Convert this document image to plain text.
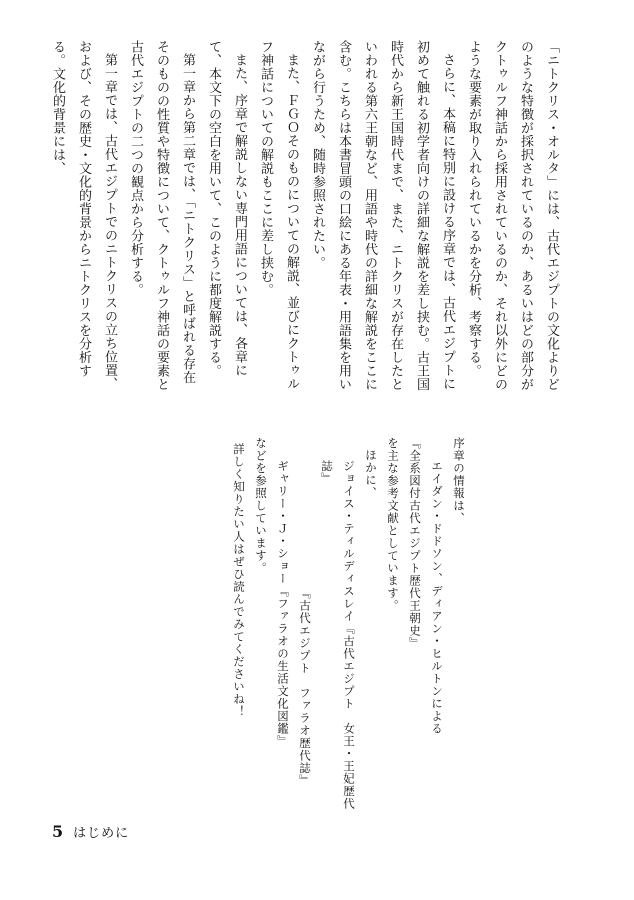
「ニトクリス・オルタ」には、古代エジプトの文化よりどのような特徴が採択されているのか、あるいはどの部分がクトゥルフ神話から採用されているのか、それ以外にどのような要素が取り入れられているかを分析、考察する。

さらに、本稿に特別に設ける序章では、古代エジプトに初めて触れる初学者向けの詳細な解説を差し挟む。古王国時代から新王国時代まで、また、ニトクリスが存在したといわれる第六王朝など、用語や時代の詳細な解説をここに含む。こちらは本書冒頭の口絵にある年表・用語集を用いながら行うため、随時参照されたい。

また、ＦＧＯそのものについての解説、並びにクトゥルフ神話についての解説もここに差し挟む。

また、序章で解説しない専門用語については、各章にて、本文下の空白を用いて、このように都度解説する。

第一章から第二章では、「ニトクリス」と呼ばれる存在そのものの性質や特徴について、クトゥルフ神話の要素と古代エジプトの二つの観点から分析する。

第一章では、古代エジプトでのニトクリスの立ち位置、および、その歴史・文化的背景からニトクリスを分析する。文化的背景には、

序章の情報は、
エイダン・ドドソン、ディアン・ヒルトンによる
『全系図付古代エジプト歴代王朝史』
を主な参考文献としています。
ほかに、
ジョイス・ティルディスレイ『古代エジプト　女王・王妃歴代誌』
『古代エジプト　ファラオ歴代誌』
ギャリー・Ｊ・ショー『ファラオの生活文化図鑑』
などを参照しています。
詳しく知りたい人はぜひ読んでみてくださいね！
5 はじめに
